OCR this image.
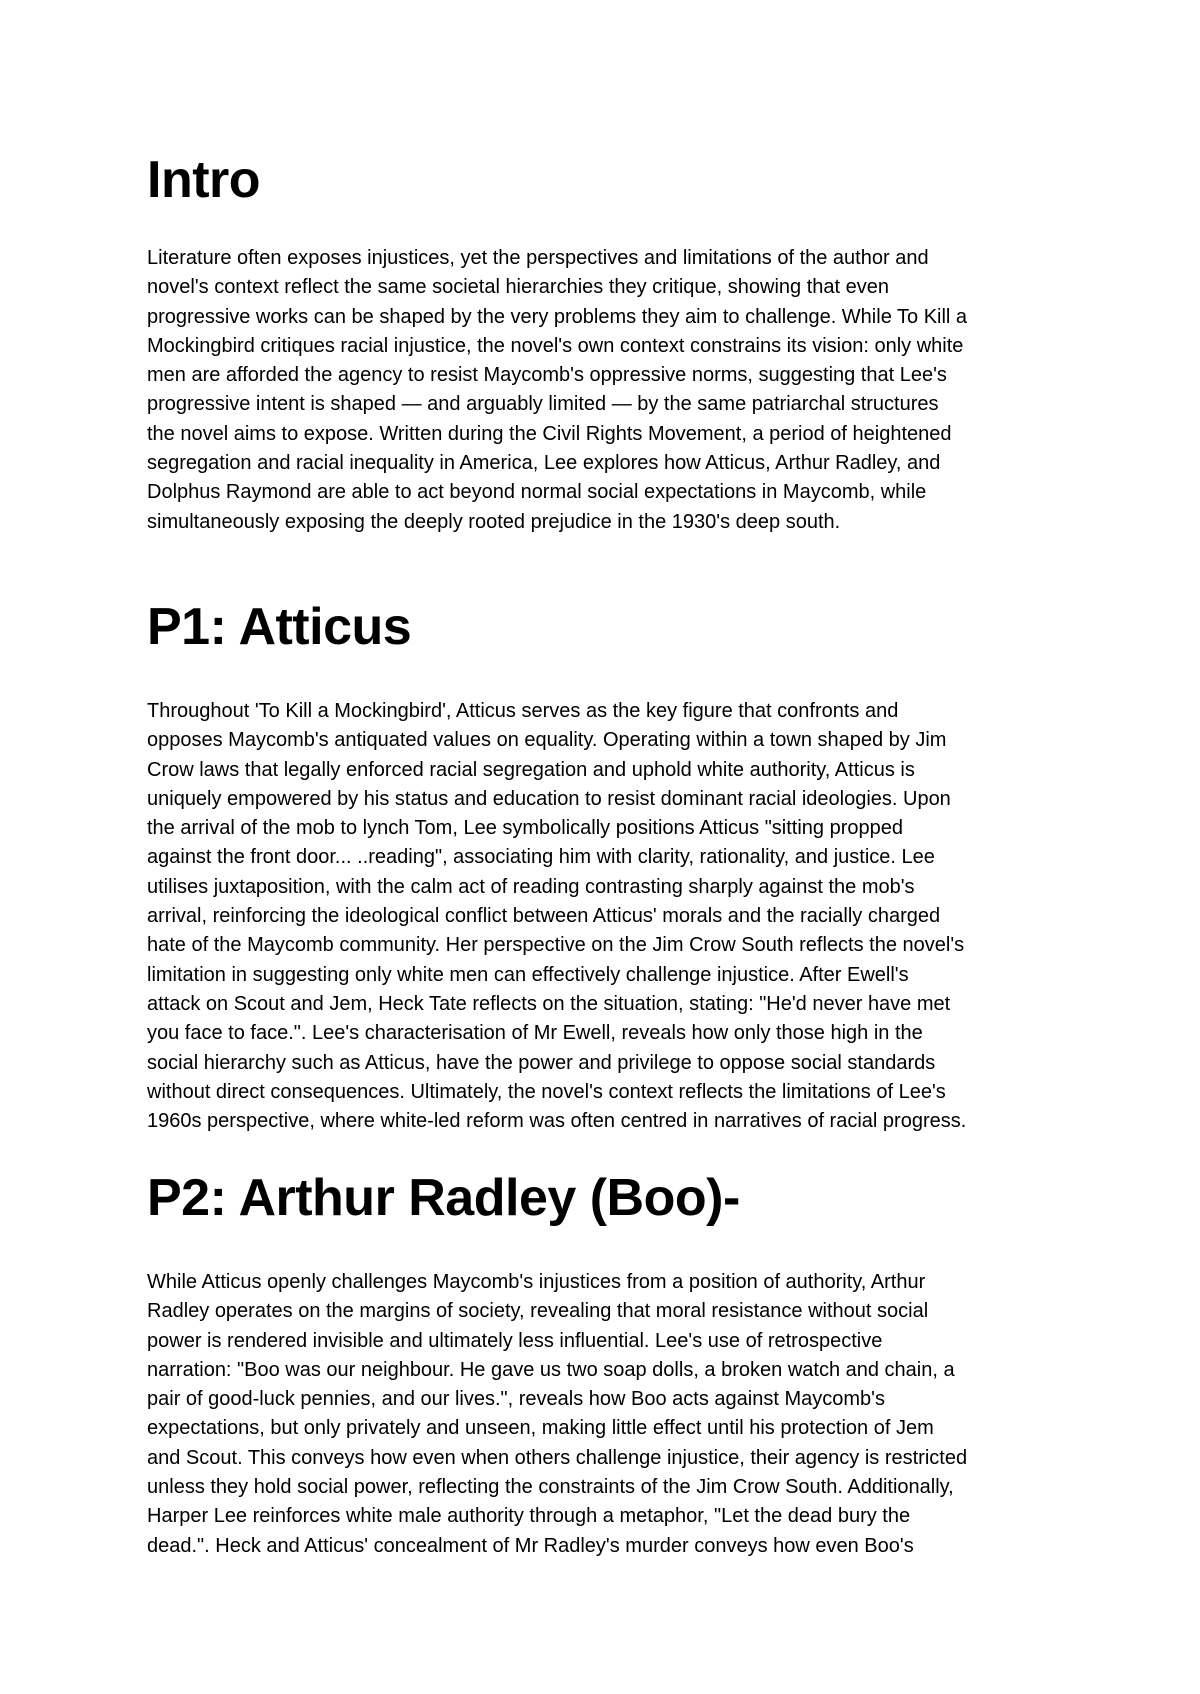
Intro

Literature often exposes injustices, yet the perspectives and limitations of the author and
novel's context reflect the same societal hierarchies they critique, showing that even
progressive works can be shaped by the very problems they aim to challenge. While To Kill a
Mockingbird critiques racial injustice, the novel's own context constrains its vision: only white
men are afforded the agency to resist Maycomb's oppressive norms, suggesting that Lee's
progressive intent is shaped — and arguably limited — by the same patriarchal structures
the novel aims to expose. Written during the Civil Rights Movement, a period of heightened
segregation and racial inequality in America, Lee explores how Atticus, Arthur Radley, and
Dolphus Raymond are able to act beyond normal social expectations in Maycomb, while
simultaneously exposing the deeply rooted prejudice in the 1930's deep south.

P1: Atticus

Throughout 'To Kill a Mockingbird', Atticus serves as the key figure that confronts and
opposes Maycomb's antiquated values on equality. Operating within a town shaped by Jim
Crow laws that legally enforced racial segregation and uphold white authority, Atticus is
uniquely empowered by his status and education to resist dominant racial ideologies. Upon
the arrival of the mob to lynch Tom, Lee symbolically positions Atticus "sitting propped
against the front door... ..reading", associating him with clarity, rationality, and justice. Lee
utilises juxtaposition, with the calm act of reading contrasting sharply against the mob's
arrival, reinforcing the ideological conflict between Atticus' morals and the racially charged
hate of the Maycomb community. Her perspective on the Jim Crow South reflects the novel's
limitation in suggesting only white men can effectively challenge injustice. After Ewell's
attack on Scout and Jem, Heck Tate reflects on the situation, stating: "He'd never have met
you face to face.". Lee's characterisation of Mr Ewell, reveals how only those high in the
social hierarchy such as Atticus, have the power and privilege to oppose social standards
without direct consequences. Ultimately, the novel's context reflects the limitations of Lee's
1960s perspective, where white-led reform was often centred in narratives of racial progress.

P2: Arthur Radley (Boo)-

While Atticus openly challenges Maycomb's injustices from a position of authority, Arthur
Radley operates on the margins of society, revealing that moral resistance without social
power is rendered invisible and ultimately less influential. Lee's use of retrospective
narration: "Boo was our neighbour. He gave us two soap dolls, a broken watch and chain, a
pair of good-luck pennies, and our lives.", reveals how Boo acts against Maycomb's
expectations, but only privately and unseen, making little effect until his protection of Jem
and Scout. This conveys how even when others challenge injustice, their agency is restricted
unless they hold social power, reflecting the constraints of the Jim Crow South. Additionally,
Harper Lee reinforces white male authority through a metaphor, "Let the dead bury the
dead.". Heck and Atticus' concealment of Mr Radley's murder conveys how even Boo's
